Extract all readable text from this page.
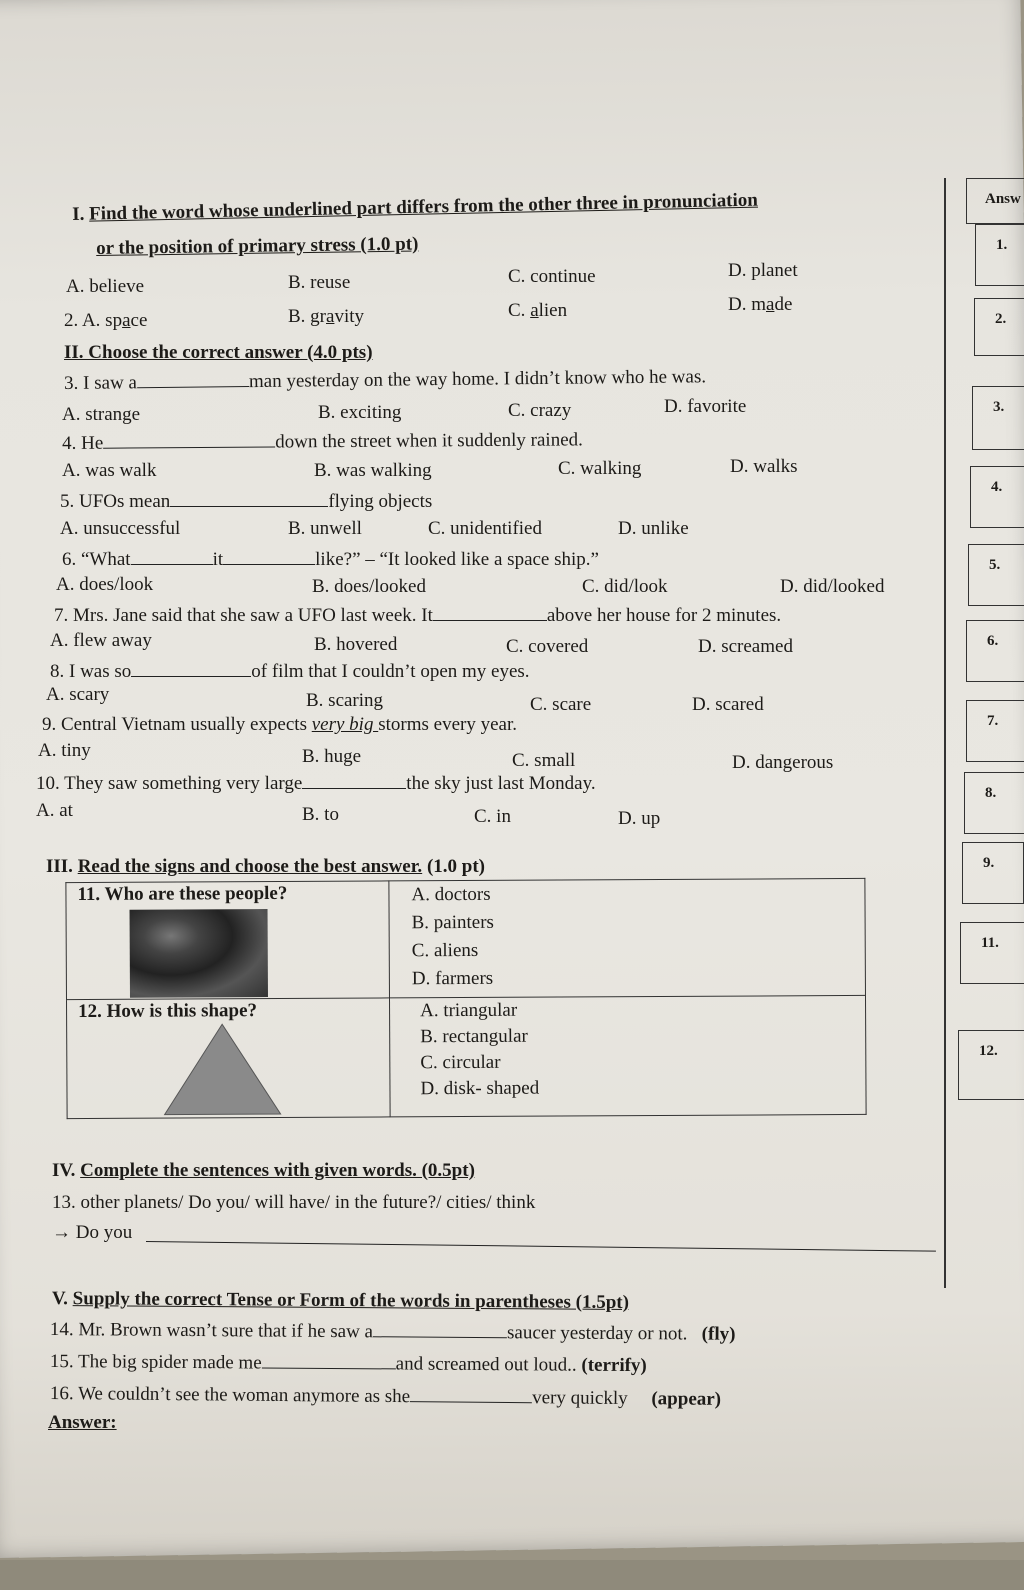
Answ
1.
2.
3.
4.
5.
6.
7.
8.
9.
11.
12.
I. Find the word whose underlined part differs from the other three in pronunciation
or the position of primary stress (1.0 pt)
A. believe	B. reuse	C. continue	D. planet
2. A. space	B. gravity	C. alien	D. made
II. Choose the correct answer (4.0 pts)
3. I saw a	man yesterday on the way home. I didn’t know who he was.
A. strange	B. exciting	C. crazy	D. favorite
4. He	down the street when it suddenly rained.
A. was walk	B. was walking	C. walking	D. walks
5. UFOs mean	flying objects
A. unsuccessful	B. unwell	C. unidentified	D. unlike
6. “What	it	like?” – “It looked like a space ship.”
A. does/look	B. does/looked	C. did/look	D. did/looked
7. Mrs. Jane said that she saw a UFO last week. It	above her house for 2 minutes.
A. flew away	B. hovered	C. covered	D. screamed
8. I was so	of film that I couldn’t open my eyes.
A. scary	B. scaring	C. scare	D. scared
9. Central Vietnam usually expects very big storms every year.
A. tiny	B. huge	C. small	D. dangerous
10. They saw something very large	the sky just last Monday.
A. at	B. to	C. in	D. up
III. Read the signs and choose the best answer. (1.0 pt)
11. Who are these people?	A. doctors
B. painters
C. aliens
D. farmers

12. How is this shape?	A. triangular
B. rectangular
C. circular
D. disk- shaped
IV. Complete the sentences with given words. (0.5pt)
13. other planets/ Do you/ will have/ in the future?/ cities/ think
→ Do you
V. Supply the correct Tense or Form of the words in parentheses (1.5pt)
14. Mr. Brown wasn’t sure that if he saw a	saucer yesterday or not. (fly)
15. The big spider made me	and screamed out loud.. (terrify)
16. We couldn’t see the woman anymore as she	very quickly (appear)
Answer:
